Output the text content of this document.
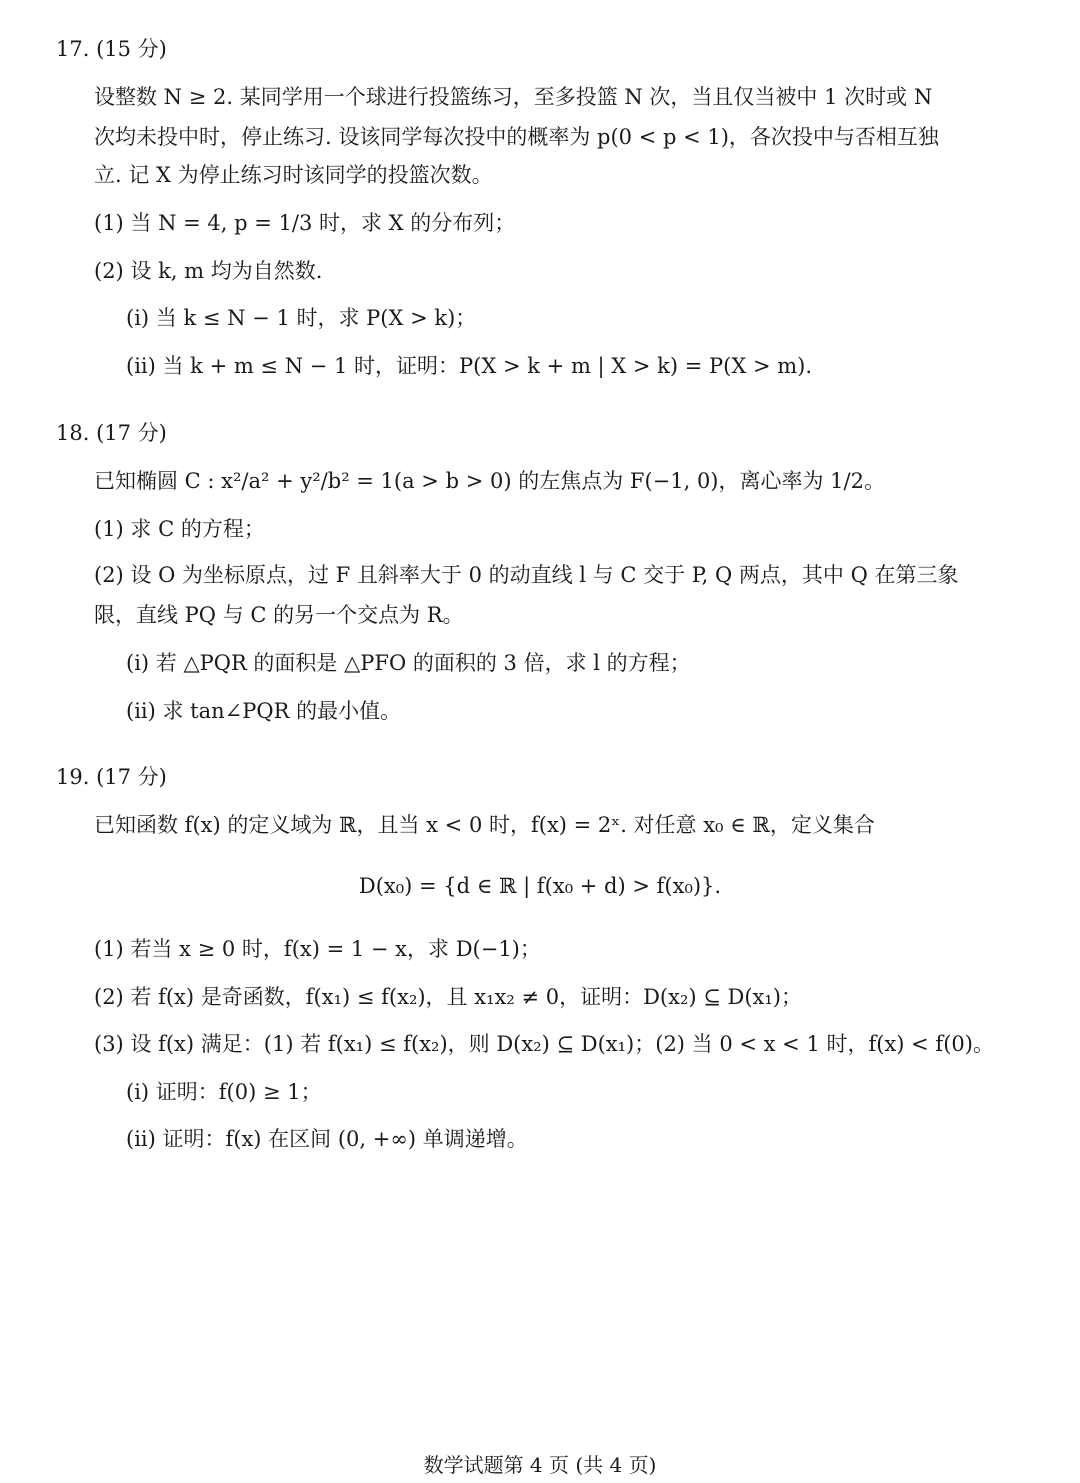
17. (15 分)
设整数 N ≥ 2. 某同学用一个球进行投篮练习，至多投篮 N 次，当且仅当被中 1 次时或 N
次均未投中时，停止练习. 设该同学每次投中的概率为 p(0 < p < 1)，各次投中与否相互独
立. 记 X 为停止练习时该同学的投篮次数。
(1) 当 N = 4, p = 1/3 时，求 X 的分布列；
(2) 设 k, m 均为自然数.
(i) 当 k ≤ N − 1 时，求 P(X > k)；
(ii) 当 k + m ≤ N − 1 时，证明：P(X > k + m | X > k) = P(X > m).
18. (17 分)
已知椭圆 C : x²/a² + y²/b² = 1(a > b > 0) 的左焦点为 F(−1, 0)，离心率为 1/2。
(1) 求 C 的方程；
(2) 设 O 为坐标原点，过 F 且斜率大于 0 的动直线 l 与 C 交于 P, Q 两点，其中 Q 在第三象
限，直线 PQ 与 C 的另一个交点为 R。
(i) 若 △PQR 的面积是 △PFO 的面积的 3 倍，求 l 的方程；
(ii) 求 tan∠PQR 的最小值。
19. (17 分)
已知函数 f(x) 的定义域为 ℝ，且当 x < 0 时，f(x) = 2ˣ. 对任意 x₀ ∈ ℝ，定义集合
D(x₀) = {d ∈ ℝ | f(x₀ + d) > f(x₀)}.
(1) 若当 x ≥ 0 时，f(x) = 1 − x，求 D(−1)；
(2) 若 f(x) 是奇函数，f(x₁) ≤ f(x₂)，且 x₁x₂ ≠ 0，证明：D(x₂) ⊆ D(x₁)；
(3) 设 f(x) 满足：(1) 若 f(x₁) ≤ f(x₂)，则 D(x₂) ⊆ D(x₁)；(2) 当 0 < x < 1 时，f(x) < f(0)。
(i) 证明：f(0) ≥ 1；
(ii) 证明：f(x) 在区间 (0, +∞) 单调递增。
数学试题第 4 页 (共 4 页)
